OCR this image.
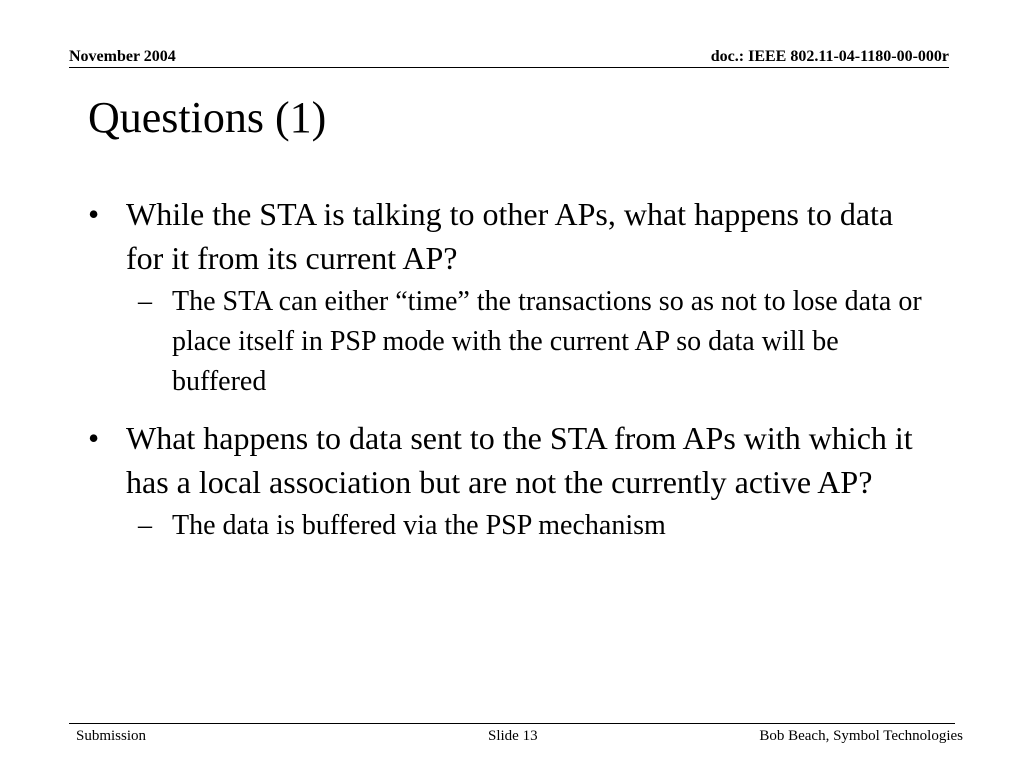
November 2004	doc.: IEEE 802.11-04-1180-00-000r
Questions (1)
• While the STA is talking to other APs, what happens to data for it from its current AP?
– The STA can either “time” the transactions so as not to lose data or place itself in PSP mode with the current AP so data will be buffered
• What happens to data sent to the STA from APs with which it has a local association but are not the currently active AP?
– The data is buffered via the PSP mechanism
Submission	Slide 13	Bob Beach, Symbol Technologies
